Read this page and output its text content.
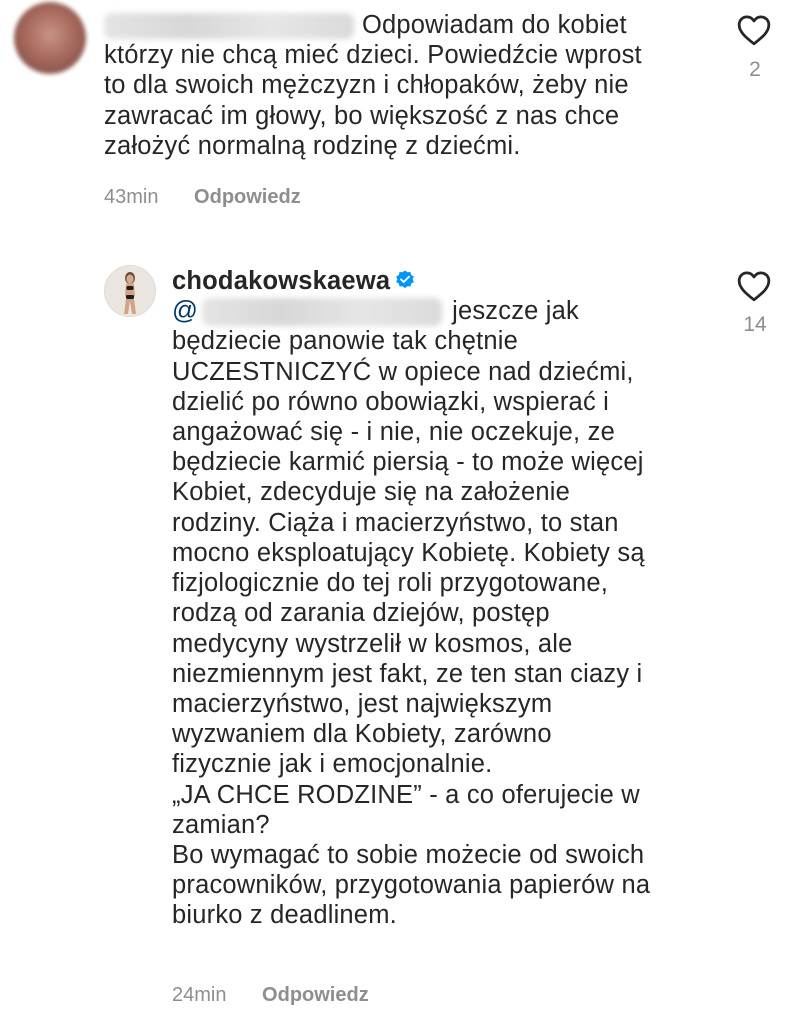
Odpowiadam do kobiet
którzy nie chcą mieć dzieci. Powiedźcie wprost
to dla swoich mężczyzn i chłopaków, żeby nie
zawracać im głowy, bo większość z nas chce
założyć normalną rodzinę z dziećmi.
43min Odpowiedz
2
chodakowskaewa
@	jeszcze jak
będziecie panowie tak chętnie
UCZESTNICZYĆ w opiece nad dziećmi,
dzielić po równo obowiązki, wspierać i
angażować się - i nie, nie oczekuje, ze
będziecie karmić piersią - to może więcej
Kobiet, zdecyduje się na założenie
rodziny. Ciąża i macierzyństwo, to stan
mocno eksploatujący Kobietę. Kobiety są
fizjologicznie do tej roli przygotowane,
rodzą od zarania dziejów, postęp
medycyny wystrzelił w kosmos, ale
niezmiennym jest fakt, ze ten stan ciazy i
macierzyństwo, jest największym
wyzwaniem dla Kobiety, zarówno
fizycznie jak i emocjonalnie.
„JA CHCE RODZINE” - a co oferujecie w
zamian?
Bo wymagać to sobie możecie od swoich
pracowników, przygotowania papierów na
biurko z deadlinem.
24min Odpowiedz
14
